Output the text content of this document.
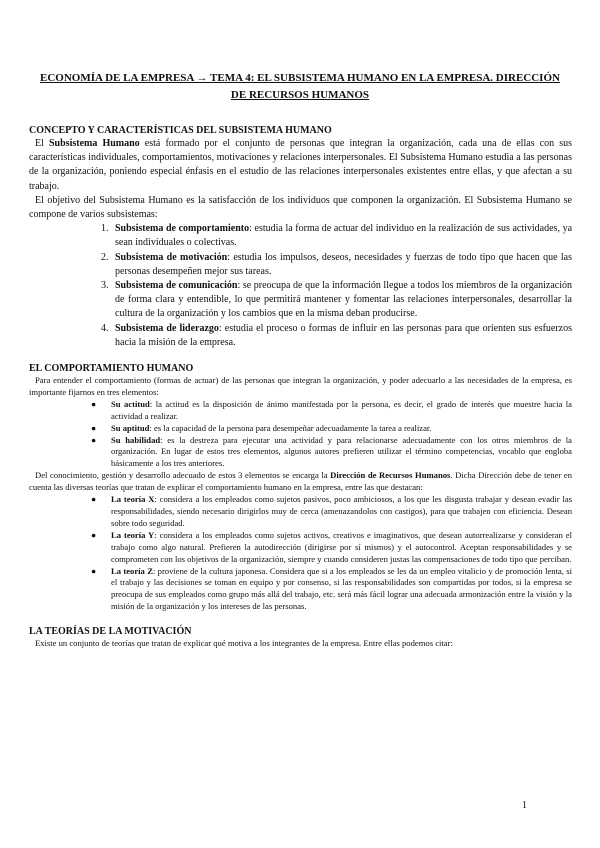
ECONOMÍA DE LA EMPRESA → TEMA 4: EL SUBSISTEMA HUMANO EN LA EMPRESA. DIRECCIÓN DE RECURSOS HUMANOS
CONCEPTO Y CARACTERÍSTICAS DEL SUBSISTEMA HUMANO

El Subsistema Humano está formado por el conjunto de personas que integran la organización, cada una de ellas con sus características individuales, comportamientos, motivaciones y relaciones interpersonales. El Subsistema Humano estudia a las personas de la organización, poniendo especial énfasis en el estudio de las relaciones interpersonales existentes entre ellas, y que afectan a su trabajo.

El objetivo del Subsistema Humano es la satisfacción de los individuos que componen la organización. El Subsistema Humano se compone de varios subsistemas:

1. Subsistema de comportamiento: estudia la forma de actuar del individuo en la realización de sus actividades, ya sean individuales o colectivas.
2. Subsistema de motivación: estudia los impulsos, deseos, necesidades y fuerzas de todo tipo que hacen que las personas desempeñen mejor sus tareas.
3. Subsistema de comunicación: se preocupa de que la información llegue a todos los miembros de la organización de forma clara y entendible, lo que permitirá mantener y fomentar las relaciones interpersonales, desarrollar la cultura de la organización y los cambios que en la misma deban producirse.
4. Subsistema de liderazgo: estudia el proceso o formas de influir en las personas para que orienten sus esfuerzos hacia la misión de la empresa.
EL COMPORTAMIENTO HUMANO

Para entender el comportamiento (formas de actuar) de las personas que integran la organización, y poder adecuarlo a las necesidades de la empresa, es importante fijarnos en tres elementos:

● Su actitud: la actitud es la disposición de ánimo manifestada por la persona, es decir, el grado de interés que muestre hacia la actividad a realizar.
● Su aptitud: es la capacidad de la persona para desempeñar adecuadamente la tarea a realizar.
● Su habilidad: es la destreza para ejecutar una actividad y para relacionarse adecuadamente con los otros miembros de la organización. En lugar de estos tres elementos, algunos autores prefieren utilizar el término competencias, vocablo que engloba básicamente a los tres anteriores.

Del conocimiento, gestión y desarrollo adecuado de estos 3 elementos se encarga la Dirección de Recursos Humanos. Dicha Dirección debe de tener en cuenta las diversas teorías que tratan de explicar el comportamiento humano en la empresa, entre las que destacan:

● La teoría X: considera a los empleados como sujetos pasivos, poco ambiciosos, a los que les disgusta trabajar y desean evadir las responsabilidades, siendo necesario dirigirlos muy de cerca (amenazandolos con castigos), para que trabajen con eficiencia. Desean sobre todo seguridad.
● La teoría Y: considera a los empleados como sujetos activos, creativos e imaginativos, que desean autorrealizarse y consideran el trabajo como algo natural. Prefieren la autodirección (dirigirse por sí mismos) y el autocontrol. Aceptan responsabilidades y se comprometen con los objetivos de la organización, siempre y cuando consideren justas las compensaciones de todo tipo que perciban.
● La teoría Z: proviene de la cultura japonesa. Considera que si a los empleados se les da un empleo vitalicio y de promoción lenta, si el trabajo y las decisiones se toman en equipo y por consenso, si las responsabilidades son compartidas por todos, si la empresa se preocupa de sus empleados como grupo más allá del trabajo, etc. será más fácil lograr una adecuada armonización entre la visión y la misión de la organización y los intereses de las personas.
LA TEORÍAS DE LA MOTIVACIÓN

Existe un conjunto de teorías que tratan de explicar qué motiva a los integrantes de la empresa. Entre ellas podemos citar:

1
